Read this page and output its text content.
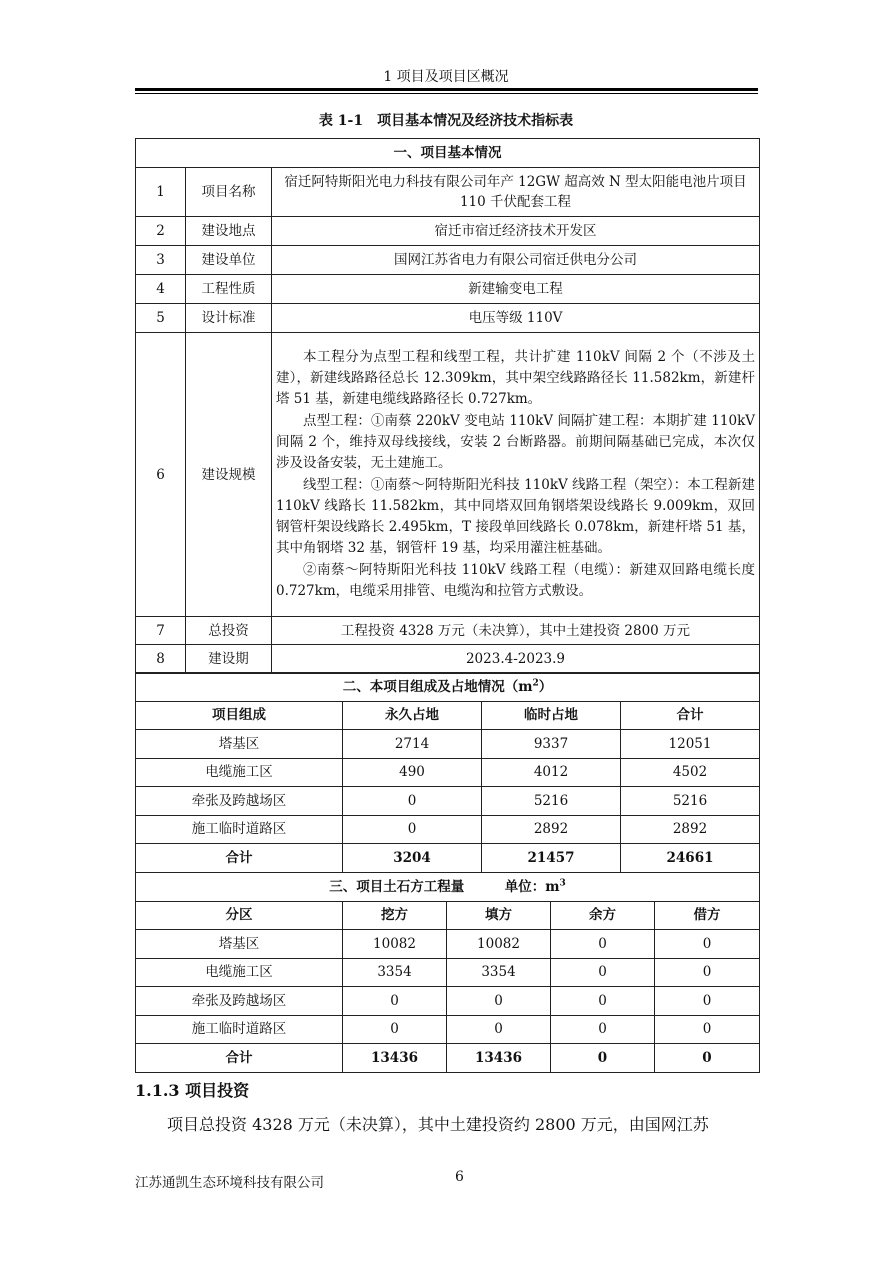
1 项目及项目区概况
表 1-1　项目基本情况及经济技术指标表
一、项目基本情况		
1	项目名称	宿迁阿特斯阳光电力科技有限公司年产 12GW 超高效 N 型太阳能电池片项目 110 千伏配套工程
2	建设地点	宿迁市宿迁经济技术开发区
3	建设单位	国网江苏省电力有限公司宿迁供电分公司
4	工程性质	新建输变电工程
5	设计标准	电压等级 110V
6	建设规模	本工程分为点型工程和线型工程，共计扩建 110kV 间隔 2 个（不涉及土建），新建线路路径总长 12.309km，其中架空线路路径长 11.582km，新建杆塔 51 基，新建电缆线路路径长 0.727km。

点型工程：①南蔡 220kV 变电站 110kV 间隔扩建工程：本期扩建 110kV 间隔 2 个，维持双母线接线，安装 2 台断路器。前期间隔基础已完成，本次仅涉及设备安装，无土建施工。

线型工程：①南蔡～阿特斯阳光科技 110kV 线路工程（架空）：本工程新建 110kV 线路长 11.582km，其中同塔双回角钢塔架设线路长 9.009km，双回钢管杆架设线路长 2.495km，T 接段单回线路长 0.078km，新建杆塔 51 基，其中角钢塔 32 基，钢管杆 19 基，均采用灌注桩基础。

②南蔡～阿特斯阳光科技 110kV 线路工程（电缆）：新建双回路电缆长度 0.727km，电缆采用排管、电缆沟和拉管方式敷设。

7	总投资	工程投资 4328 万元（未决算），其中土建投资 2800 万元
8	建设期	2023.4-2023.9
二、本项目组成及占地情况$(m^2)$			
项目组成	永久占地	临时占地	合计
塔基区	2714	9337	12051
电缆施工区	490	4012	4502
牵张及跨越场区	0	5216	5216
施工临时道路区	0	2892	2892
合计	3204	21457	24661
三、项目土石方工程量    单位：$m^3$
分区	挖方	填方	余方	借方
塔基区	10082	10082	0	0
电缆施工区	3354	3354	0	0
牵张及跨越场区	0	0	0	0
施工临时道路区	0	0	0	0
合计	13436	13436	0	0
1.1.3 项目投资
项目总投资 4328 万元（未决算），其中土建投资约 2800 万元，由国网江苏
江苏通凯生态环境科技有限公司	6
